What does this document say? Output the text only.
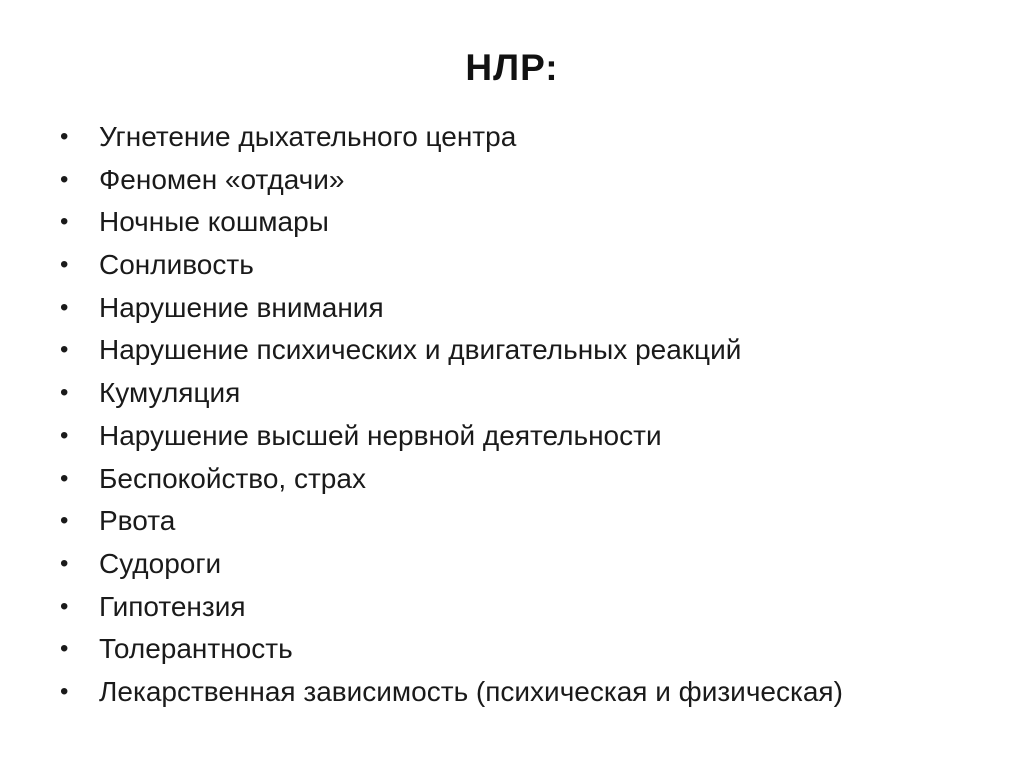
НЛР:
•	Угнетение дыхательного центра
•	Феномен «отдачи»
•	Ночные кошмары
•	Сонливость
•	Нарушение внимания
•	Нарушение психических и двигательных реакций
•	Кумуляция
•	Нарушение высшей нервной деятельности
•	Беспокойство, страх
•	Рвота
•	Судороги
•	Гипотензия
•	Толерантность
•	Лекарственная зависимость (психическая и физическая)
